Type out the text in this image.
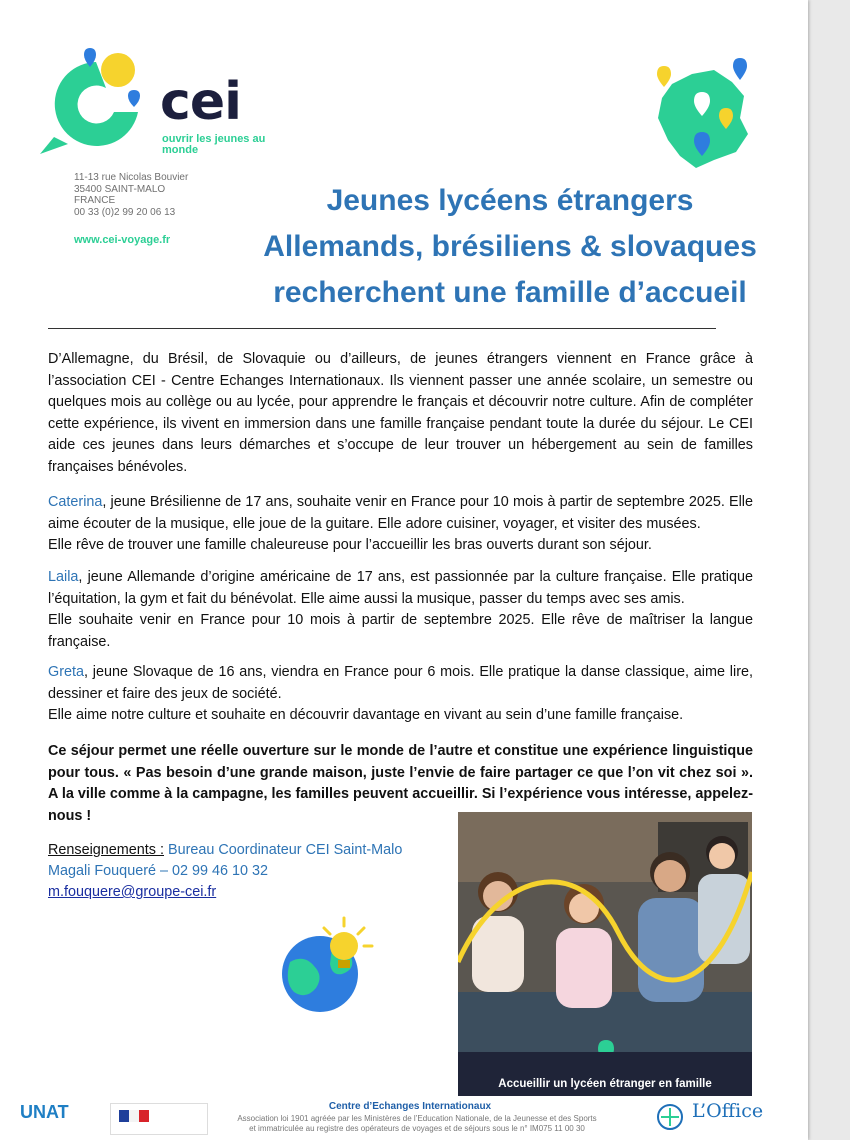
cei
ouvrir les jeunes au monde
11-13 rue Nicolas Bouvier
35400 SAINT-MALO
FRANCE
00 33 (0)2 99 20 06 13
www.cei-voyage.fr
Jeunes lycéens étrangers
Allemands, brésiliens & slovaques
recherchent une famille d’accueil

D’Allemagne, du Brésil, de Slovaquie ou d’ailleurs, de jeunes étrangers viennent en France grâce à l’association CEI - Centre Echanges Internationaux. Ils viennent passer une année scolaire, un semestre ou quelques mois au collège ou au lycée, pour apprendre le français et découvrir notre culture. Afin de compléter cette expérience, ils vivent en immersion dans une famille française pendant toute la durée du séjour. Le CEI aide ces jeunes dans leurs démarches et s’occupe de leur trouver un hébergement au sein de familles françaises bénévoles.

Caterina, jeune Brésilienne de 17 ans, souhaite venir en France pour 10 mois à partir de septembre 2025. Elle aime écouter de la musique, elle joue de la guitare. Elle adore cuisiner, voyager, et visiter des musées.
Elle rêve de trouver une famille chaleureuse pour l’accueillir les bras ouverts durant son séjour.

Laila, jeune Allemande d’origine américaine de 17 ans, est passionnée par la culture française. Elle pratique l’équitation, la gym et fait du bénévolat. Elle aime aussi la musique, passer du temps avec ses amis.
Elle souhaite venir en France pour 10 mois à partir de septembre 2025. Elle rêve de maîtriser la langue française.

Greta, jeune Slovaque de 16 ans, viendra en France pour 6 mois. Elle pratique la danse classique, aime lire, dessiner et faire des jeux de société.
Elle aime notre culture et souhaite en découvrir davantage en vivant au sein d’une famille française.

Ce séjour permet une réelle ouverture sur le monde de l’autre et constitue une expérience linguistique pour tous. « Pas besoin d’une grande maison, juste l’envie de faire partager ce que l’on vit chez soi ». A la ville comme à la campagne, les familles peuvent accueillir. Si l’expérience vous intéresse, appelez-nous !

Renseignements : Bureau Coordinateur CEI Saint-Malo
Magali Fouqueré – 02 99 46 10 32
m.fouquere@groupe-cei.fr
Accueillir un lycéen étranger en famille
UNAT	Centre d’Echanges Internationaux
Association loi 1901 agréée par les Ministères de l’Education Nationale, de la Jeunesse et des Sports
et immatriculée au registre des opérateurs de voyages et de séjours sous le n° IM075 11 00 30
L’Office
